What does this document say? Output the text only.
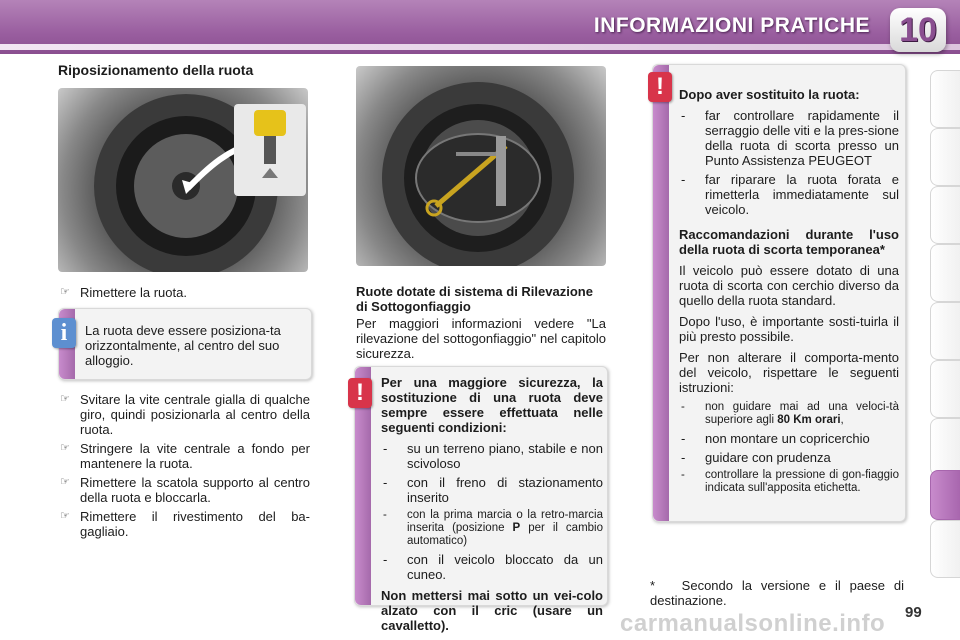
INFORMAZIONI PRATICHE 10
Riposizionamento della ruota
☞ Rimettere la ruota.
La ruota deve essere posiziona-ta orizzontalmente, al centro del suo alloggio.
i
☞ Svitare la vite centrale gialla di qualche giro, quindi posizionarla al centro della ruota.
☞ Stringere la vite centrale a fondo per mantenere la ruota.
☞ Rimettere la scatola supporto al centro della ruota e bloccarla.
☞ Rimettere il rivestimento del ba-gagliaio.
Ruote dotate di sistema di Rilevazione di Sottogonfiaggio
Per maggiori informazioni vedere "La rilevazione del sottogonfiaggio" nel capitolo sicurezza.

Per una maggiore sicurezza, la sostituzione di una ruota deve sempre essere effettuata nelle seguenti condizioni:

- su un terreno piano, stabile e non scivoloso
- con il freno di stazionamento inserito
- con la prima marcia o la retro-marcia inserita (posizione P per il cambio automatico)
- con il veicolo bloccato da un cuneo.

Non mettersi mai sotto un vei-colo alzato con il cric (usare un cavalletto).

!

Dopo aver sostituito la ruota:

- far controllare rapidamente il serraggio delle viti e la pres-sione della ruota di scorta presso un Punto Assistenza PEUGEOT
- far riparare la ruota forata e rimetterla immediatamente sul veicolo.

Raccomandazioni durante l'uso della ruota di scorta temporanea*

Il veicolo può essere dotato di una ruota di scorta con cerchio diverso da quello della ruota standard.

Dopo l'uso, è importante sosti-tuirla il più presto possibile.

Per non alterare il comporta-mento del veicolo, rispettare le seguenti istruzioni:

- non guidare mai ad una veloci-tà superiore agli 80 Km orari,
- non montare un copricerchio
- guidare con prudenza
- controllare la pressione di gon-fiaggio indicata sull'apposita etichetta.
!
* Secondo la versione e il paese di destinazione.
carmanualsonline.info 99
